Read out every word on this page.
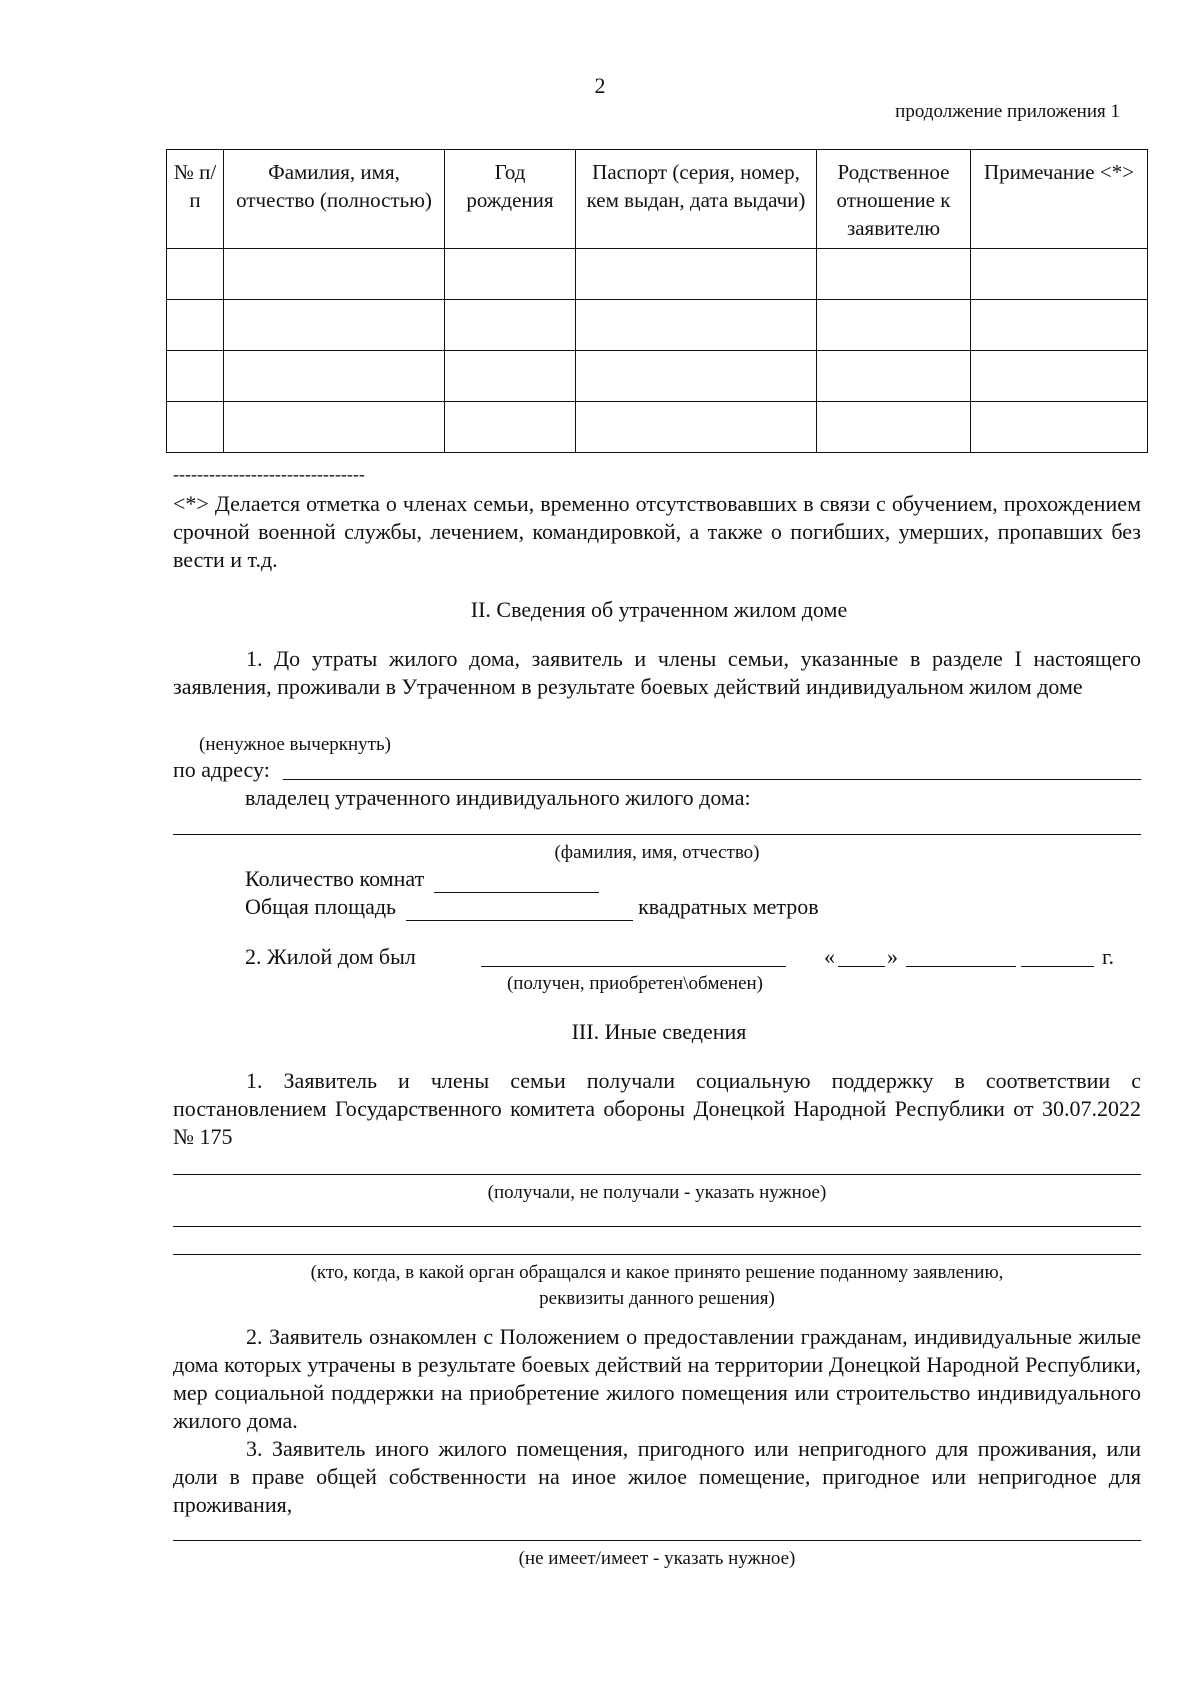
2
продолжение приложения 1
№ п/п	Фамилия, имя, отчество (полностью)	Год рождения	Паспорт (серия, номер, кем выдан, дата выдачи)	Родственное отношение к заявителю	Примечание <*>

--------------------------------
<*> Делается отметка о членах семьи, временно отсутствовавших в связи с обучением, прохождением срочной военной службы, лечением, командировкой, а также о погибших, умерших, пропавших без вести и т.д.
II. Сведения об утраченном жилом доме
1. До утраты жилого дома, заявитель и члены семьи, указанные в разделе I настоящего заявления, проживали в Утраченном в результате боевых действий индивидуальном жилом доме
(ненужное вычеркнуть)
по адресу:
владелец утраченного индивидуального жилого дома:
(фамилия, имя, отчество)
Количество комнат
Общая площадь	квадратных метров
2. Жилой дом был
(получен, приобретен\обменен)
«	»	г.
III. Иные сведения
1. Заявитель и члены семьи получали социальную поддержку в соответствии с постановлением Государственного комитета обороны Донецкой Народной Республики от 30.07.2022 № 175
(получали, не получали - указать нужное)
(кто, когда, в какой орган обращался и какое принято решение поданному заявлению,
реквизиты данного решения)
2. Заявитель ознакомлен с Положением о предоставлении гражданам, индивидуальные жилые дома которых утрачены в результате боевых действий на территории Донецкой Народной Республики, мер социальной поддержки на приобретение жилого помещения или строительство индивидуального жилого дома.
3. Заявитель иного жилого помещения, пригодного или непригодного для проживания, или доли в праве общей собственности на иное жилое помещение, пригодное или непригодное для проживания,
(не имеет/имеет - указать нужное)
